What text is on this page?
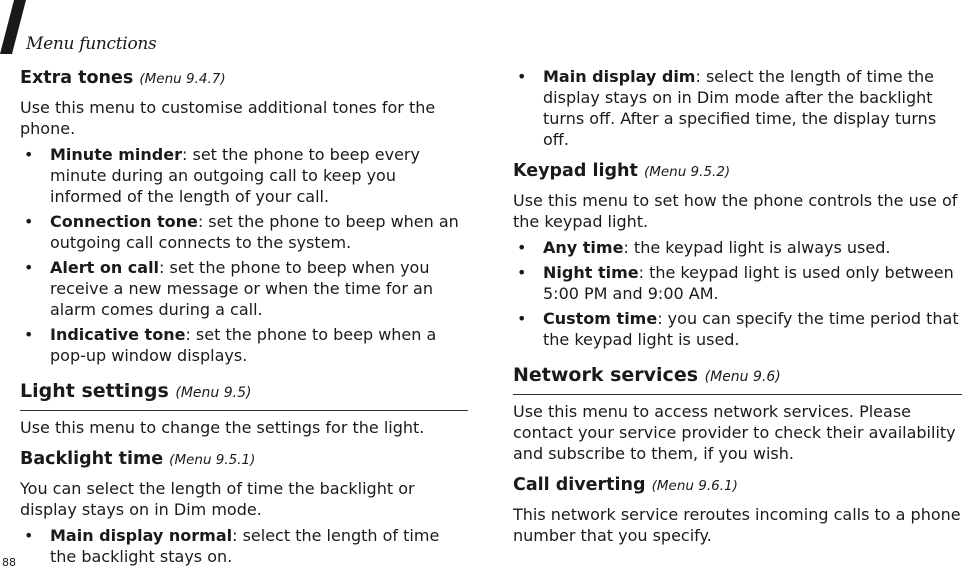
Menu functions
Extra tones (Menu 9.4.7)

Use this menu to customise additional tones for the phone.

• Minute minder: set the phone to beep every minute during an outgoing call to keep you informed of the length of your call.
• Connection tone: set the phone to beep when an outgoing call connects to the system.
• Alert on call: set the phone to beep when you receive a new message or when the time for an alarm comes during a call.
• Indicative tone: set the phone to beep when a pop-up window displays.
Light settings (Menu 9.5)

Use this menu to change the settings for the light.

Backlight time (Menu 9.5.1)

You can select the length of time the backlight or display stays on in Dim mode.

• Main display normal: select the length of time the backlight stays on.
• Main display dim: select the length of time the display stays on in Dim mode after the backlight turns off. After a specified time, the display turns off.
Keypad light (Menu 9.5.2)

Use this menu to set how the phone controls the use of the keypad light.

• Any time: the keypad light is always used.
• Night time: the keypad light is used only between 5:00 PM and 9:00 AM.
• Custom time: you can specify the time period that the keypad light is used.
Network services (Menu 9.6)

Use this menu to access network services. Please contact your service provider to check their availability and subscribe to them, if you wish.

Call diverting (Menu 9.6.1)

This network service reroutes incoming calls to a phone number that you specify.

88
